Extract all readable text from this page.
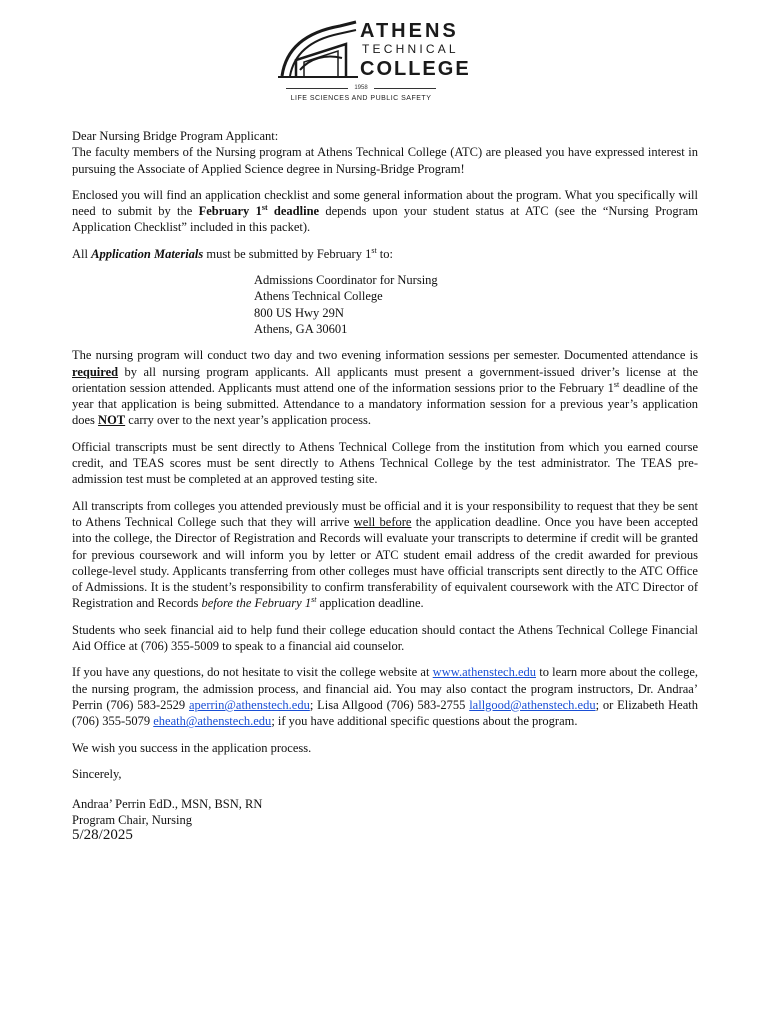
ATHENS
TECHNICAL
COLLEGE
1958
LIFE SCIENCES AND PUBLIC SAFETY

Dear Nursing Bridge Program Applicant:

The faculty members of the Nursing program at Athens Technical College (ATC) are pleased you have expressed interest in pursuing the Associate of Applied Science degree in Nursing-Bridge Program!

Enclosed you will find an application checklist and some general information about the program. What you specifically will need to submit by the February 1st deadline depends upon your student status at ATC (see the “Nursing Program Application Checklist” included in this packet).

All Application Materials must be submitted by February 1st to:

Admissions Coordinator for Nursing
Athens Technical College
800 US Hwy 29N
Athens, GA 30601

The nursing program will conduct two day and two evening information sessions per semester. Documented attendance is required by all nursing program applicants. All applicants must present a government-issued driver’s license at the orientation session attended. Applicants must attend one of the information sessions prior to the February 1st deadline of the year that application is being submitted. Attendance to a mandatory information session for a previous year’s application does NOT carry over to the next year’s application process.

Official transcripts must be sent directly to Athens Technical College from the institution from which you earned course credit, and TEAS scores must be sent directly to Athens Technical College by the test administrator. The TEAS pre-admission test must be completed at an approved testing site.

All transcripts from colleges you attended previously must be official and it is your responsibility to request that they be sent to Athens Technical College such that they will arrive well before the application deadline. Once you have been accepted into the college, the Director of Registration and Records will evaluate your transcripts to determine if credit will be granted for previous coursework and will inform you by letter or ATC student email address of the credit awarded for previous college-level study. Applicants transferring from other colleges must have official transcripts sent directly to the ATC Office of Admissions. It is the student’s responsibility to confirm transferability of equivalent coursework with the ATC Director of Registration and Records before the February 1st application deadline.

Students who seek financial aid to help fund their college education should contact the Athens Technical College Financial Aid Office at (706) 355-5009 to speak to a financial aid counselor.

If you have any questions, do not hesitate to visit the college website at www.athenstech.edu to learn more about the college, the nursing program, the admission process, and financial aid. You may also contact the program instructors, Dr. Andraa’ Perrin (706) 583-2529 aperrin@athenstech.edu; Lisa Allgood (706) 583-2755 lallgood@athenstech.edu; or Elizabeth Heath (706) 355-5079 eheath@athenstech.edu; if you have additional specific questions about the program.

We wish you success in the application process.

Sincerely,

Andraa’ Perrin EdD., MSN, BSN, RN
Program Chair, Nursing
5/28/2025
